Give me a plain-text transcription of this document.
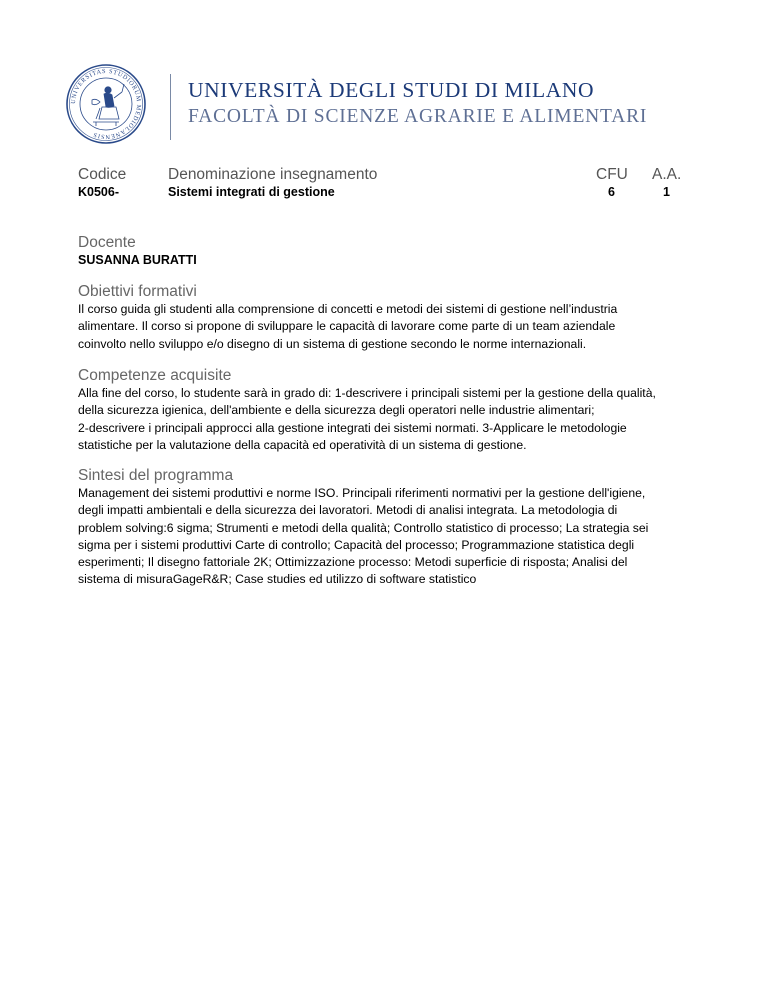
UNIVERSITAS STUDIORUM MEDIOLANENSIS
UNIVERSITÀ DEGLI STUDI DI MILANO
FACOLTÀ DI SCIENZE AGRARIE E ALIMENTARI
Codice	Denominazione insegnamento	CFU A.A.
K0506-	Sistemi integrati di gestione	6	1
Docente
SUSANNA BURATTI
Obiettivi formativi
Il corso guida gli studenti alla comprensione di concetti e metodi dei sistemi di gestione nell’industria
alimentare. Il corso si propone di sviluppare le capacità di lavorare come parte di un team aziendale
coinvolto nello sviluppo e/o disegno di un sistema di gestione secondo le norme internazionali.
Competenze acquisite
Alla fine del corso, lo studente sarà in grado di: 1-descrivere i principali sistemi per la gestione della qualità,
della sicurezza igienica, dell'ambiente e della sicurezza degli operatori nelle industrie alimentari;
2-descrivere i principali approcci alla gestione integrati dei sistemi normati. 3-Applicare le metodologie
statistiche per la valutazione della capacità ed operatività di un sistema di gestione.
Sintesi del programma
Management dei sistemi produttivi e norme ISO. Principali riferimenti normativi per la gestione dell'igiene,
degli impatti ambientali e della sicurezza dei lavoratori. Metodi di analisi integrata. La metodologia di
problem solving:6 sigma; Strumenti e metodi della qualità; Controllo statistico di processo; La strategia sei
sigma per i sistemi produttivi Carte di controllo; Capacità del processo; Programmazione statistica degli
esperimenti; Il disegno fattoriale 2K; Ottimizzazione processo: Metodi superficie di risposta; Analisi del
sistema di misuraGageR&R; Case studies ed utilizzo di software statistico
